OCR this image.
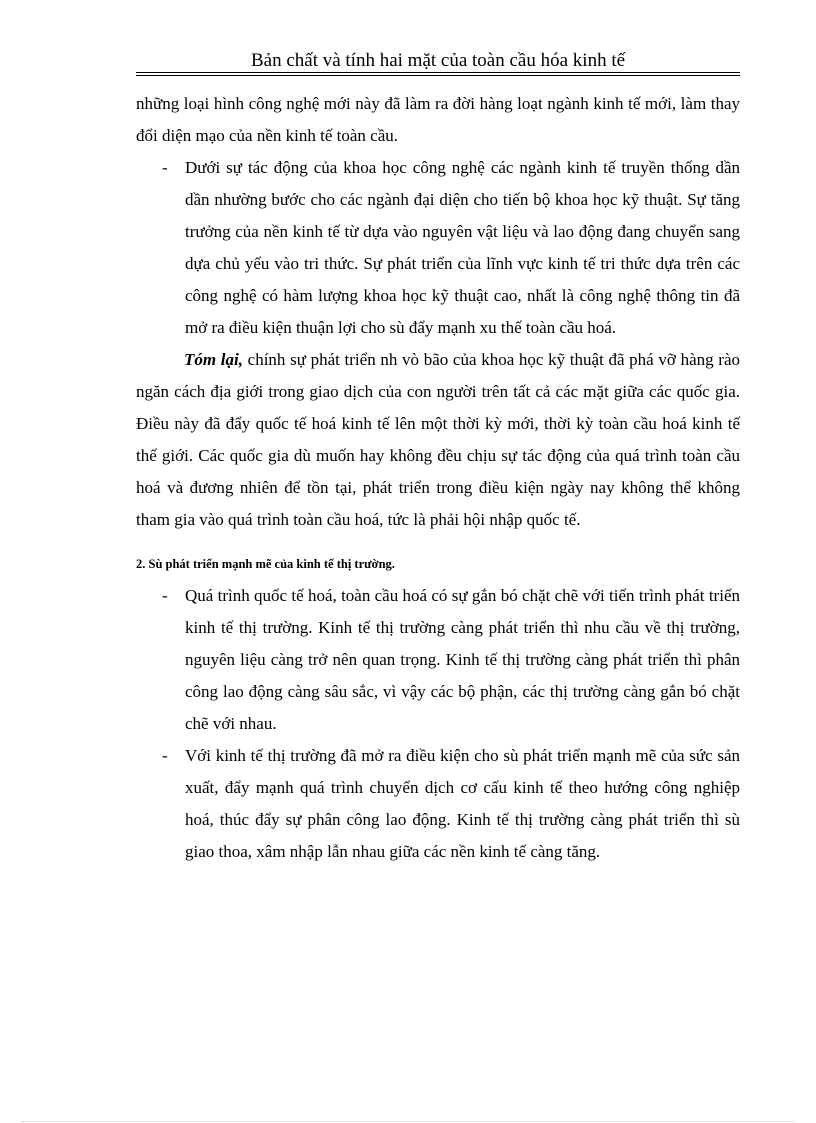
Bản chất và tính hai mặt của toàn cầu hóa kinh tế

những loại hình công nghệ mới này đã làm ra đời hàng loạt ngành kinh tế mới, làm thay đổi diện mạo của nền kinh tế toàn cầu.

-	Dưới sự tác động của khoa học công nghệ các ngành kinh tế truyền thống dần dần nhường bước cho các ngành đại diện cho tiến bộ khoa học kỹ thuật. Sự tăng trưởng của nền kinh tế từ dựa vào nguyên vật liệu và lao động đang chuyển sang dựa chủ yếu vào tri thức. Sự phát triển của lĩnh vực kinh tế tri thức dựa trên các công nghệ có hàm lượng khoa học kỹ thuật cao, nhất là công nghệ thông tin đã mở ra điều kiện thuận lợi cho sù đẩy mạnh xu thế toàn cầu hoá.

Tóm lại, chính sự phát triển nh vò bão của khoa học kỹ thuật đã phá vỡ hàng rào ngăn cách địa giới trong giao dịch của con người trên tất cả các mặt giữa các quốc gia. Điều này đã đẩy quốc tế hoá kinh tế lên một thời kỳ mới, thời kỳ toàn cầu hoá kinh tế thế giới. Các quốc gia dù muốn hay không đều chịu sự tác động của quá trình toàn cầu hoá và đương nhiên để tồn tại, phát triển trong điều kiện ngày nay không thể không tham gia vào quá trình toàn cầu hoá, tức là phải hội nhập quốc tế.

2. Sù phát triển mạnh mẽ của kinh tế thị trường.

-	Quá trình quốc tế hoá, toàn cầu hoá có sự gắn bó chặt chẽ với tiến trình phát triển kinh tế thị trường. Kinh tế thị trường càng phát triển thì nhu cầu về thị trường, nguyên liệu càng trở nên quan trọng. Kinh tế thị trường càng phát triển thì phân công lao động càng sâu sắc, vì vậy các bộ phận, các thị trường càng gắn bó chặt chẽ với nhau.

-	Với kinh tế thị trường đã mở ra điều kiện cho sù phát triển mạnh mẽ của sức sản xuất, đẩy mạnh quá trình chuyển dịch cơ cấu kinh tế theo hướng công nghiệp hoá, thúc đẩy sự phân công lao động. Kinh tế thị trường càng phát triển thì sù giao thoa, xâm nhập lẫn nhau giữa các nền kinh tế càng tăng.
